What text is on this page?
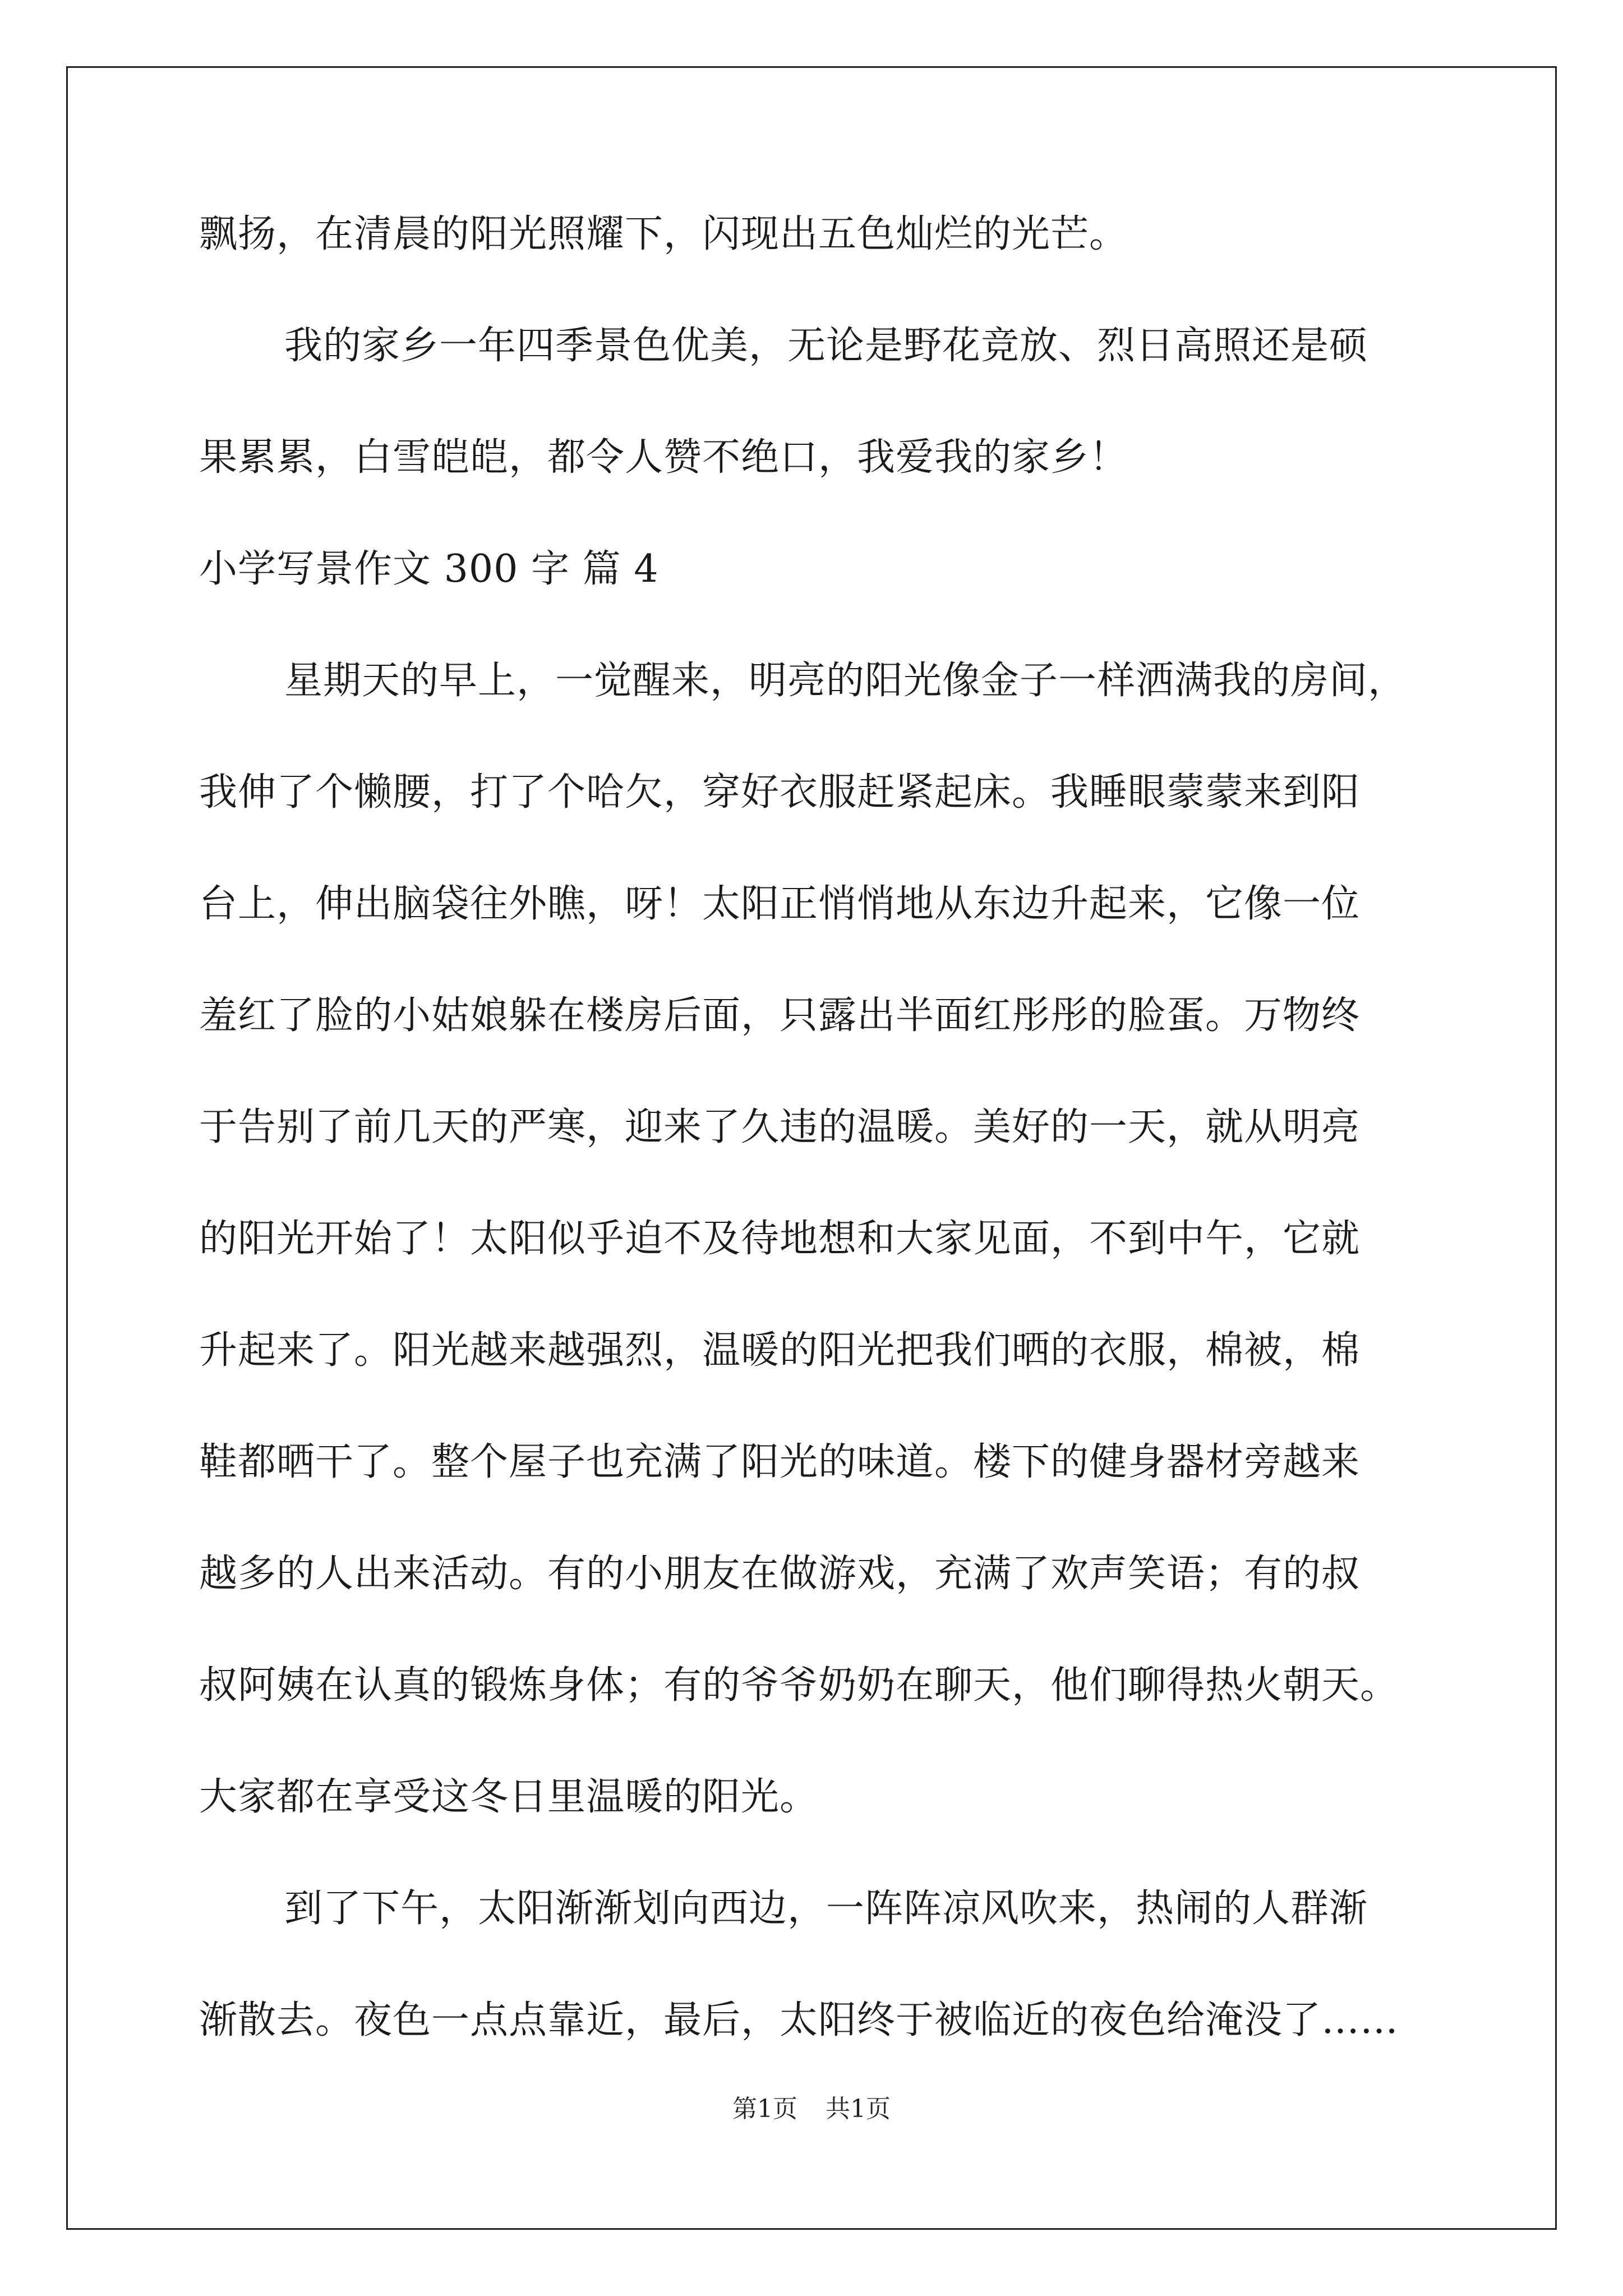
飘扬，在清晨的阳光照耀下，闪现出五色灿烂的光芒。
我的家乡一年四季景色优美，无论是野花竞放、烈日高照还是硕
果累累，白雪皑皑，都令人赞不绝口，我爱我的家乡！
小学写景作文 300 字 篇 4
星期天的早上，一觉醒来，明亮的阳光像金子一样洒满我的房间，
我伸了个懒腰，打了个哈欠，穿好衣服赶紧起床。我睡眼蒙蒙来到阳
台上，伸出脑袋往外瞧，呀！太阳正悄悄地从东边升起来，它像一位
羞红了脸的小姑娘躲在楼房后面，只露出半面红彤彤的脸蛋。万物终
于告别了前几天的严寒，迎来了久违的温暖。美好的一天，就从明亮
的阳光开始了！太阳似乎迫不及待地想和大家见面，不到中午，它就
升起来了。阳光越来越强烈，温暖的阳光把我们晒的衣服，棉被，棉
鞋都晒干了。整个屋子也充满了阳光的味道。楼下的健身器材旁越来
越多的人出来活动。有的小朋友在做游戏，充满了欢声笑语；有的叔
叔阿姨在认真的锻炼身体；有的爷爷奶奶在聊天，他们聊得热火朝天。
大家都在享受这冬日里温暖的阳光。
到了下午，太阳渐渐划向西边，一阵阵凉风吹来，热闹的人群渐
渐散去。夜色一点点靠近，最后，太阳终于被临近的夜色给淹没了……
第1页 共1页
